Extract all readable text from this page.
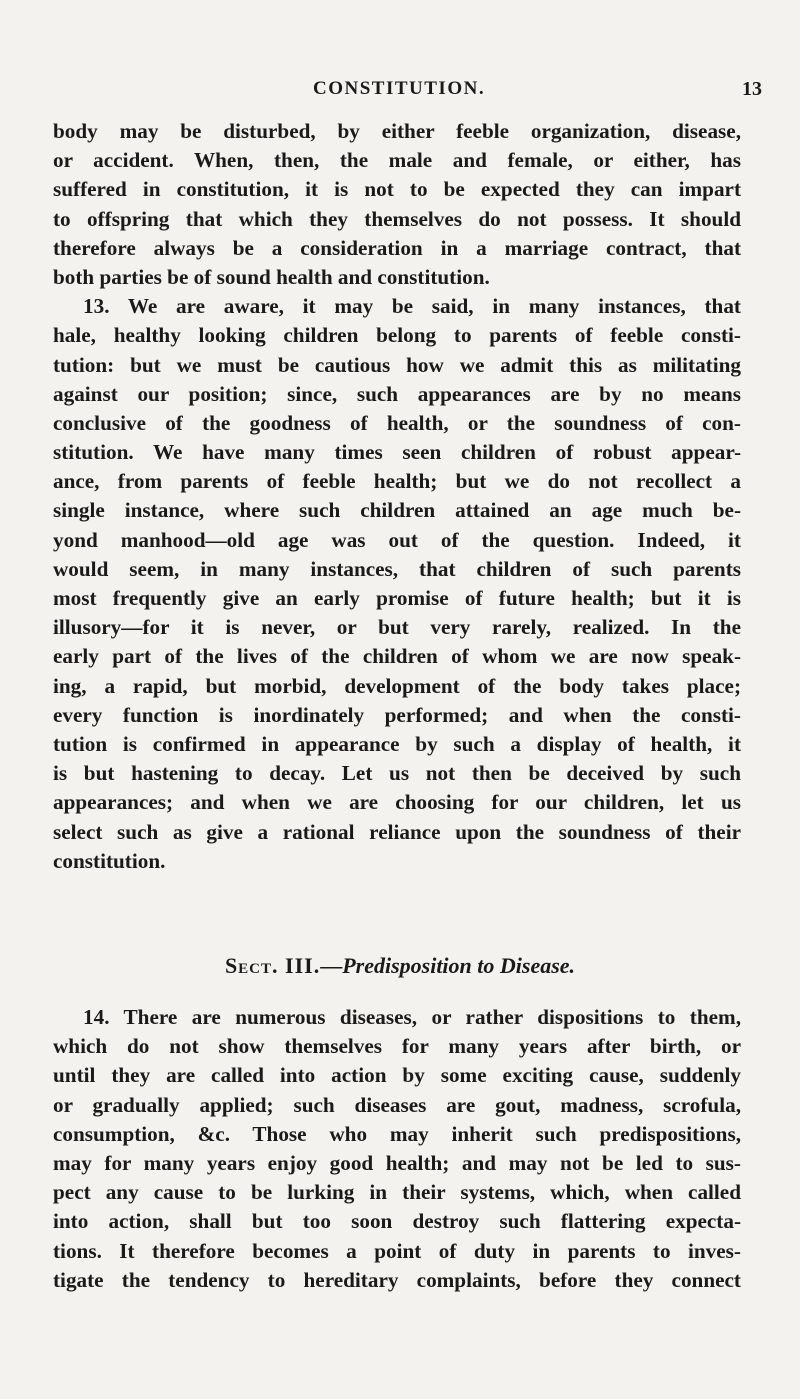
CONSTITUTION.	13
body may be disturbed, by either feeble organization, disease,
or accident. When, then, the male and female, or either, has
suffered in constitution, it is not to be expected they can impart
to offspring that which they themselves do not possess. It should
therefore always be a consideration in a marriage contract, that
both parties be of sound health and constitution.
13. We are aware, it may be said, in many instances, that
hale, healthy looking children belong to parents of feeble consti-
tution: but we must be cautious how we admit this as militating
against our position; since, such appearances are by no means
conclusive of the goodness of health, or the soundness of con-
stitution. We have many times seen children of robust appear-
ance, from parents of feeble health; but we do not recollect a
single instance, where such children attained an age much be-
yond manhood—old age was out of the question. Indeed, it
would seem, in many instances, that children of such parents
most frequently give an early promise of future health; but it is
illusory—for it is never, or but very rarely, realized. In the
early part of the lives of the children of whom we are now speak-
ing, a rapid, but morbid, development of the body takes place;
every function is inordinately performed; and when the consti-
tution is confirmed in appearance by such a display of health, it
is but hastening to decay. Let us not then be deceived by such
appearances; and when we are choosing for our children, let us
select such as give a rational reliance upon the soundness of their
constitution.
Sect. III.—Predisposition to Disease.
14. There are numerous diseases, or rather dispositions to them,
which do not show themselves for many years after birth, or
until they are called into action by some exciting cause, suddenly
or gradually applied; such diseases are gout, madness, scrofula,
consumption, &c. Those who may inherit such predispositions,
may for many years enjoy good health; and may not be led to sus-
pect any cause to be lurking in their systems, which, when called
into action, shall but too soon destroy such flattering expecta-
tions. It therefore becomes a point of duty in parents to inves-
tigate the tendency to hereditary complaints, before they connect
